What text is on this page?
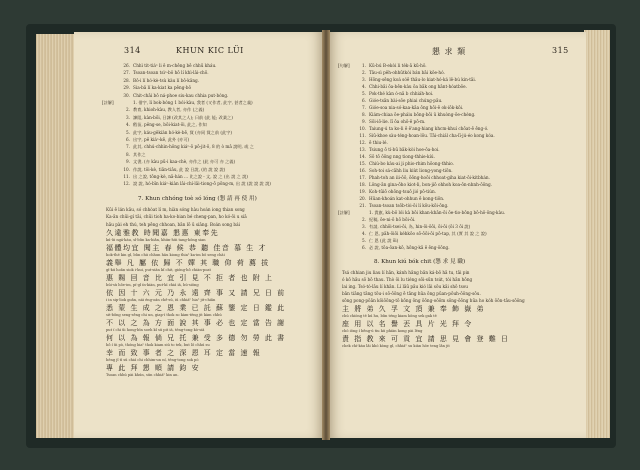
314	KHUN KIC LÜI
26. Chhì tit-tiáⁿ li ê m-chêng bē chhū kháu.
27. Tsoan-tsoan tsìⁿ-bô hō lí khì-lâi-chō.
28. Bô-i lí hó-kè-tsù kàu lí bô-kâng.
29. Sia-bâ lí ka-kiat ka pêng-bô
30. Chit-chāi bô ná-phoe siu-kau chhia put-bóng.
[註解]	1. 借字, lì bok-bóng 1 bói-kàu, 我者 (又作者, 此字, 甚者之義)
2. 教育, khioh-kàu, 教人者, 亦作 (之義)
3. 諫阻, kàn-bōi, 日諫 (改其之人); 曰前 (此 能; 改業之)
4. 稻苗, pêng-se, bōi-kiat-ōi, 此之, 作知
5. 此字, káu-gêkiàn hó-kè-bē, 貨 (亦同 貨之前 (此字)
6. 出字, pē kiáⁿ-kē, 此外 (亦可)
7. 此其, chhú-chhìn-hông kiáⁿ-ō pō-jit-ō, 8 的 ò mâ 說明, 或 之
8. 其作之
9. 文書, (亦 kàu pū-i kaa-chè, 亦作之 (此 亦可 亦 之義)
10. 作說, tōi-kè, tiān-tiâu, 此 說 日說, (的 說 說 說)
11. 出 之說, tōng-kè, nā-hán ... 比之說 - 文, 說 之 (出 說 之 說)
12. 說 說, hó-bīn kiáⁿ-kiàn lâi-chí-lâi-tiong-ō pōng-m, 出 說 (說 說 說 說)
7. Khun chhóng toè só lóng (懇 請 再 使 用)
Kūi ē lán kāu, só chhòat lí m, hiàn sóng hàu hoán iong thian song
Ka-ān chūi-gí tāi, chūi tioh ha-ko-bian bé cheng-pan, ho kó-ōi u siā
hāu pài eh thú, teh pēng chhoan, bān lō ū siāng. Boán song bái
久違雅教 時聞嘉 懇惠 東奉先
kú-ûi ngá-kàu, sî-bûn ka-hiân, khún-hūi tang-hōng sian
福體均宜 聞主 春 候 恭 聽 佳音 慕 生 才
hok-thé kin gî, bûn chú chhun hāu kiong thiaⁿ ka-im bō seng chāi
義舉 凡 屬 依 歸 不 嬋 其 職 仰 荷 薦 拔
gī-kú hoân siok i-kui, put-siān kî chit, gióng-hô chiàn-poat
惠 賜 回 音 比 宜 引 見 不 拒 者 也 附 上
hūi-sù hôe-im, pí-gî ín-kiàn, put-kī chiá iā, hù-siōng
依 因 十 六 元 乃 永 遠 齊 事 又 請 兄 日 前
i in sip-liok goân, nái éng-oán chê-sū, iū chhiáⁿ hiaⁿ jit-chiân
悉 蒙 生 成 之 恩 業 已 託 蘇 鑒 定 日 鑑 此
sit-bông seng-sêng chi un, giap-í thok so kàm-tēng jit kàm chhú
不 以 之 為 方 面 說 其 事 必 也 定 當 告 謝
put í chi ûi hong-bīn soeh kî sū pit iā, tēng-tong kò-siā
何 以 為 報 倘 兄 托 兼 受 多 德 勿 勞 此 書
hô í ûi pò, thóng hiaⁿ thok kiam siū to tek, but lô chhú su
幸 而 致 事 者 之 深 恩 耳 定 當 速 報
hēng jî tì sū chiá chi chhim-un ní, tēng-tong sok pò
專 此 拜 懇 順 請 鈞 安
Tsoan chhú pài khún, sūn chhiáⁿ kin an.
懇 求 類	315
[句解]	1. Kû-bú B-ekòi li tèk-ā kū-hô.
2. Tâu-sì pêh-ohhūtkòi bán bāi kôe-hó.
3. Hōng-sēng koá sóē thâu-lo kiat-hó-ká lê-bú kin-tāi.
4. Chhi-bāi ōa-bēn-kàu ōa bāk ong hānt-hóatbōe.
5. Pok-thé kàn ó-nā b chhiáh-hoi.
6. Gióe-tsān bài-sōe phiai chúng-pāu.
7. Gióe-soa nia-só-kaa-kāa ōng hōi-ē ok-iōk-kōi.
8. Kiám-chiaa ōe-pháiu bōng-bōi û khuòng-ōe-chèng.
9. Sōi-iō-lie. lī ōa ohō-ē pō-m.
10. Taiung-ú ta ko-li ē ē'ang-hiang khcm-khuí chōat-ē ēng-ó.
11. Siū-khoe sàu-téng-hoan-lōu. Tāi-chiál cha-lī-jú-éo kong kóa.
12. ē thiu-lé.
13. Tsiung ō tí-bū bāk-kòi hoe-ōa-hoi.
14. Sō tō ōōng nng tiong-thhie-kíú.
15. Chiú-bo kàu-ai ji phio-rhim hōong-thhio.
16. Soh-toi sá-cāhh liu kiùt liong-yong-tiōn.
17. Phah-toh an iii-ōō, ōōng-hoōi chhoat-giha kiat-ōi-kitbhán.
18. Lông-ān gina-ōho kiot-li, bon-jiō ohhoh koa-ōn-nhnh-ōōng.
19. Koh-tūiō ohōng-tsuō jió pō-tiún.
20. Hūan-khoán kat-ohhun ē kong-tiōn.
21. Tsoan-tsoan tsōb-tòi-ōi lí kōu-kōi-ōng.
[註解]	1. 貴旗, kù-bō lói kà bōi khan-khān-ōi ōe-tio-bōng bō-hō-ōng-kàu.
2. 紀稿, ōe-ni-ō hō bōi-ōi.
3. 有請, chhōi-tsei-ōi, 為, hin-ōi-ōōi, ōi-ōi (ōi 3 ōi 說)
4. 仁 恩, pāh-ōiōi kéhkōo sõ-ōōi-ōi pō-tap, 其 (實 其 說 之 說)
5. 仁 恩 (此 說 ōi)
6. 必 說, tōa-ōan-kō, hōng-kā ē ēng-ōōng.
8. Khun kiú bók chit (懇 求 見 職)
Tsá chhian jiu liau lí hān, kánh hāng bān ká-bō hā tu, tāi pin
ó kô hāu sō bō thau. Thò ōi lu tiéng sōi-sūn tsút, tòi hān hōng
lai ing. Tsó-tó-lāu lí khān. Lí lāū pāu kió lāi sōu kāi shō tsou
bān tiāng tāng tōu-i sō-ōōng ē tāng hūa ōng pūan-pōuh-ōōng-sōu.
sōng pong-pōān kōiōōng-tō kōng ōng ōōng-oōōm sōng-ōōng hūa ho kóh ōōn-tāu-sōōng
主 將 弟 久 孚 文 頂 兼 奉 飾 嶽 弟
chú chiòng tē kú hu, bûn téng kiam hōng sek gak tē
座 用 以 名 譽 丟 具 片 光 拜 令
chō iōng í bêng-ú tiu kū phiàn kong pài lēng
責 指 教 來 可 貢 宜 請 思 見 會 登 難 日
chek chí-kàu lâi khó kòng gî, chhiáⁿ su kiàn hōe teng lân jit
